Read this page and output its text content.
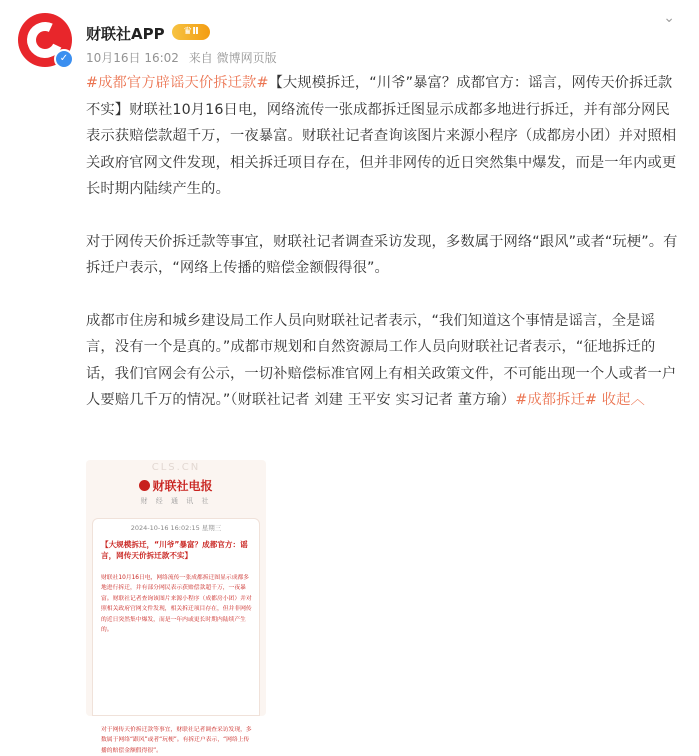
✓
财联社APP	♛Ⅱ
10月16日 16:02 来自 微博网页版
⌄

#成都官方辟谣天价拆迁款#【大规模拆迁，“川爷”暴富？成都官方：谣言，网传天价拆迁款不实】财联社10月16日电，网络流传一张成都拆迁图显示成都多地进行拆迁，并有部分网民表示获赔偿款超千万，一夜暴富。财联社记者查询该图片来源小程序（成都房小团）并对照相关政府官网文件发现，相关拆迁项目存在，但并非网传的近日突然集中爆发，而是一年内或更长时期内陆续产生的。

对于网传天价拆迁款等事宜，财联社记者调查采访发现，多数属于网络“跟风”或者“玩梗”。有拆迁户表示，“网络上传播的赔偿金额假得很”。

成都市住房和城乡建设局工作人员向财联社记者表示，“我们知道这个事情是谣言，全是谣言，没有一个是真的。”成都市规划和自然资源局工作人员向财联社记者表示，“征地拆迁的话，我们官网会有公示，一切补赔偿标准官网上有相关政策文件，不可能出现一个人或者一户人要赔几千万的情况。”（财联社记者 刘建 王平安 实习记者 董方瑜）#成都拆迁# 收起︿

CLS.CN
财联社电报
财 经 通 讯 社
2024-10-16 16:02:15 星期三
【大规模拆迁，“川爷”暴富？成都官方：谣言，网传天价拆迁款不实】
财联社10月16日电，网络流传一张成都拆迁图显示成都多地进行拆迁，并有部分网民表示获赔偿款超千万，一夜暴富。财联社记者查询该图片来源小程序（成都房小团）并对照相关政府官网文件发现，相关拆迁项目存在，但并非网传的近日突然集中爆发，而是一年内或更长时期内陆续产生的。
对于网传天价拆迁款等事宜，财联社记者调查采访发现，多数属于网络“跟风”或者“玩梗”。有拆迁户表示，“网络上传播的赔偿金额假得很”。
